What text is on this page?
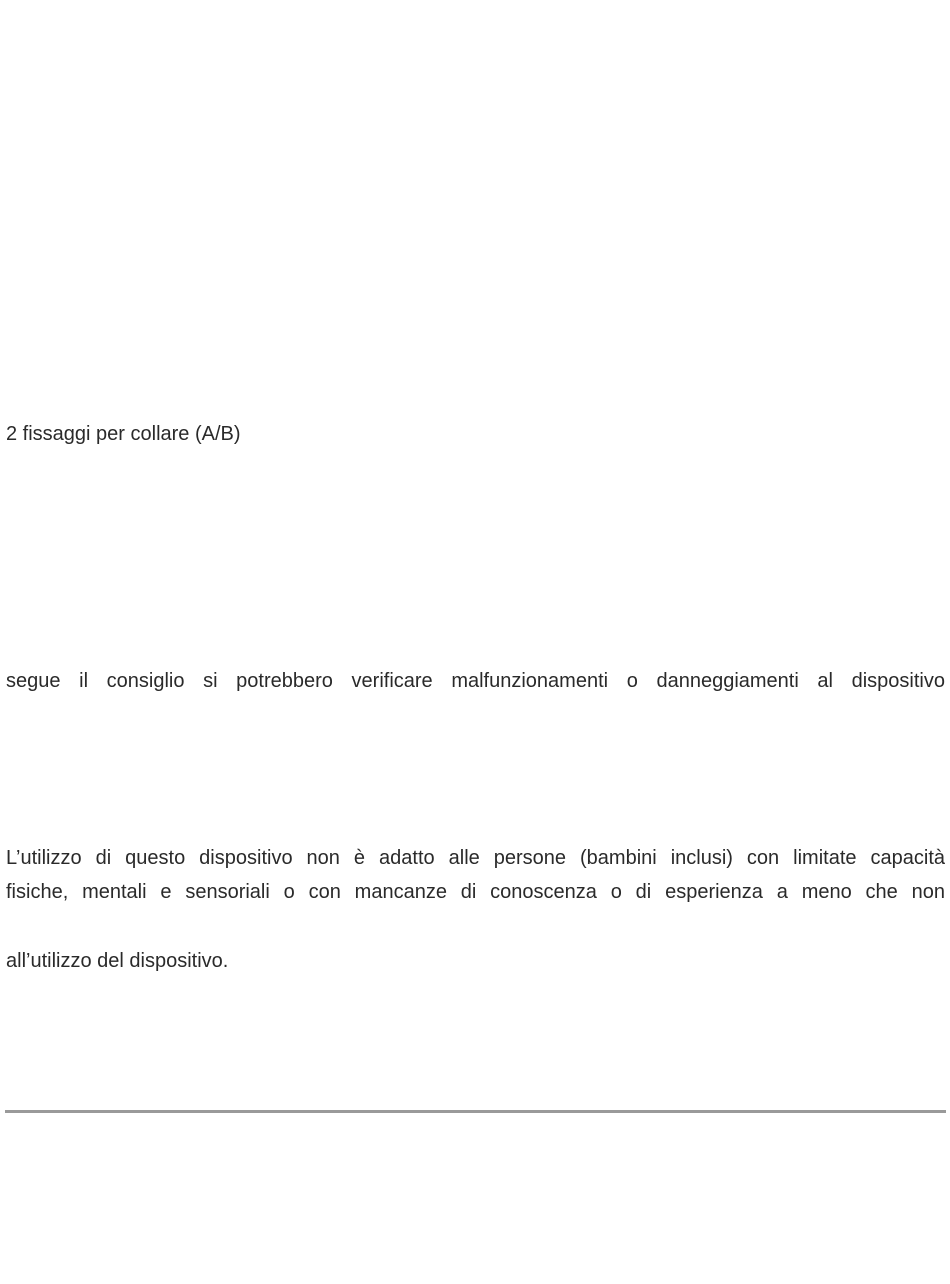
2 fissaggi per collare (A/B)

segue il consiglio si potrebbero verificare malfunzionamenti o danneggiamenti al dispositivo

L’utilizzo di questo dispositivo non è adatto alle persone (bambini inclusi) con limitate capacità

fisiche, mentali e sensoriali o con mancanze di conoscenza o di esperienza a meno che non

all’utilizzo del dispositivo.
